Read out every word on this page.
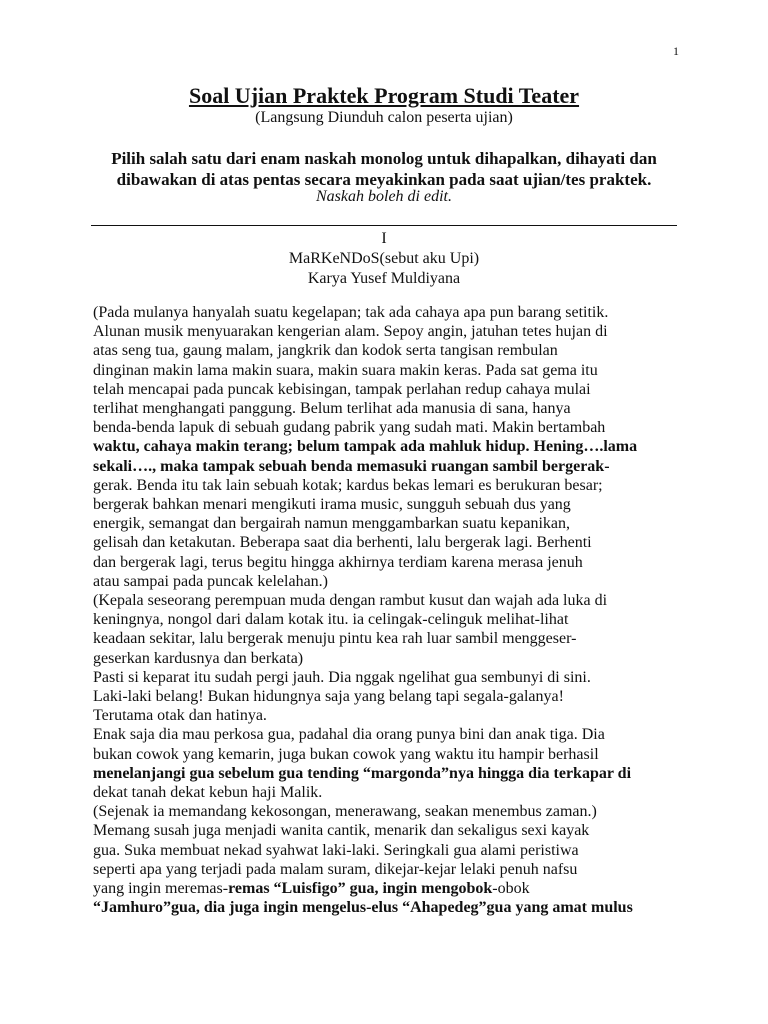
1
Soal Ujian Praktek Program Studi Teater
(Langsung Diunduh calon peserta ujian)
Pilih salah satu dari enam naskah monolog untuk dihapalkan, dihayati dan
dibawakan di atas pentas secara meyakinkan pada saat ujian/tes praktek.
Naskah boleh di edit.
I
MaRKeNDoS(sebut aku Upi)
Karya Yusef Muldiyana
(Pada mulanya hanyalah suatu kegelapan; tak ada cahaya apa pun barang setitik.
Alunan musik menyuarakan kengerian alam. Sepoy angin, jatuhan tetes hujan di
atas seng tua, gaung malam, jangkrik dan kodok serta tangisan rembulan
dinginan makin lama makin suara, makin suara makin keras. Pada sat gema itu
telah mencapai pada puncak kebisingan, tampak perlahan redup cahaya mulai
terlihat menghangati panggung. Belum terlihat ada manusia di sana, hanya
benda-benda lapuk di sebuah gudang pabrik yang sudah mati. Makin bertambah
waktu, cahaya makin terang; belum tampak ada mahluk hidup. Hening….lama
sekali…., maka tampak sebuah benda memasuki ruangan sambil bergerak-
gerak. Benda itu tak lain sebuah kotak; kardus bekas lemari es berukuran besar;
bergerak bahkan menari mengikuti irama music, sungguh sebuah dus yang
energik, semangat dan bergairah namun menggambarkan suatu kepanikan,
gelisah dan ketakutan. Beberapa saat dia berhenti, lalu bergerak lagi. Berhenti
dan bergerak lagi, terus begitu hingga akhirnya terdiam karena merasa jenuh
atau sampai pada puncak kelelahan.)
(Kepala seseorang perempuan muda dengan rambut kusut dan wajah ada luka di
keningnya, nongol dari dalam kotak itu. ia celingak-celinguk melihat-lihat
keadaan sekitar, lalu bergerak menuju pintu kea rah luar sambil menggeser-
geserkan kardusnya dan berkata)
Pasti si keparat itu sudah pergi jauh. Dia nggak ngelihat gua sembunyi di sini.
Laki-laki belang! Bukan hidungnya saja yang belang tapi segala-galanya!
Terutama otak dan hatinya.
Enak saja dia mau perkosa gua, padahal dia orang punya bini dan anak tiga. Dia
bukan cowok yang kemarin, juga bukan cowok yang waktu itu hampir berhasil
menelanjangi gua sebelum gua tending “margonda”nya hingga dia terkapar di
dekat tanah dekat kebun haji Malik.
(Sejenak ia memandang kekosongan, menerawang, seakan menembus zaman.)
Memang susah juga menjadi wanita cantik, menarik dan sekaligus sexi kayak
gua. Suka membuat nekad syahwat laki-laki. Seringkali gua alami peristiwa
seperti apa yang terjadi pada malam suram, dikejar-kejar lelaki penuh nafsu
yang ingin meremas-remas “Luisfigo” gua, ingin mengobok-obok
“Jamhuro”gua, dia juga ingin mengelus-elus “Ahapedeg”gua yang amat mulus
